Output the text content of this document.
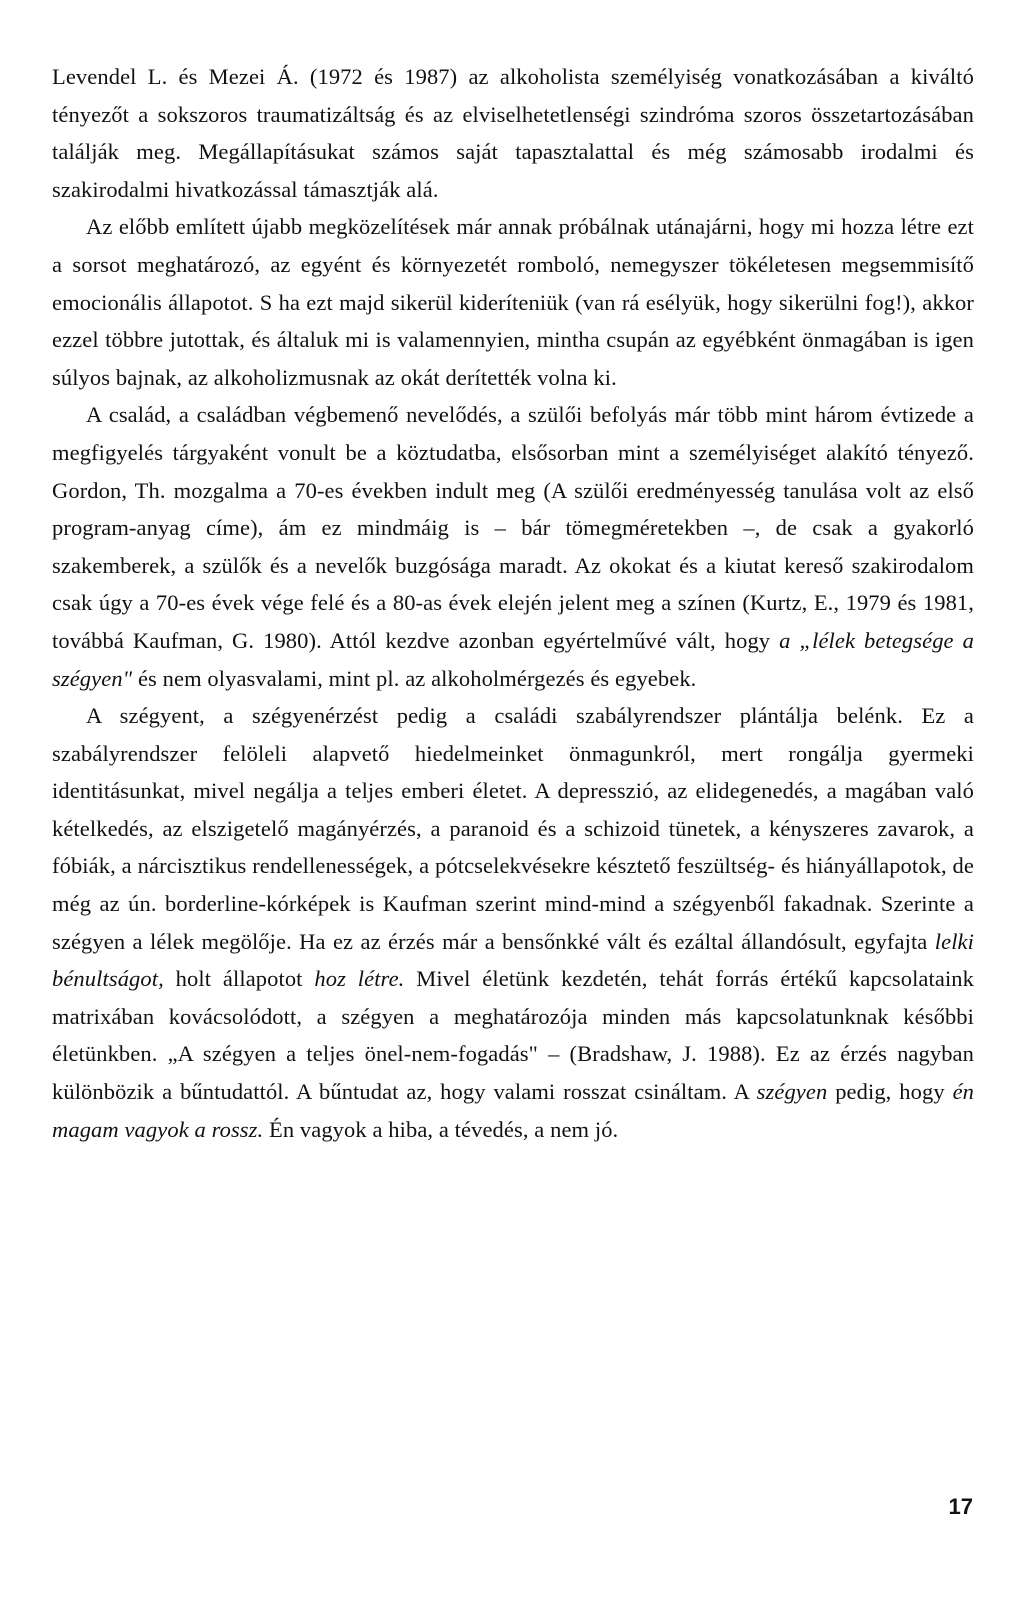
Levendel L. és Mezei Á. (1972 és 1987) az alkoholista személyiség vonatkozásában a kiváltó tényezőt a sokszoros traumatizáltság és az elviselhetetlenségi szindróma szoros összetartozásában találják meg. Megállapításukat számos saját tapasztalattal és még számosabb irodalmi és szakirodalmi hivatkozással támasztják alá.

Az előbb említett újabb megközelítések már annak próbálnak utánajárni, hogy mi hozza létre ezt a sorsot meghatározó, az egyént és környezetét romboló, nemegyszer tökéletesen megsemmisítő emocionális állapotot. S ha ezt majd sikerül kideríteniük (van rá esélyük, hogy sikerülni fog!), akkor ezzel többre jutottak, és általuk mi is valamennyien, mintha csupán az egyébként önmagában is igen súlyos bajnak, az alkoholizmusnak az okát derítették volna ki.

A család, a családban végbemenő nevelődés, a szülői befolyás már több mint három évtizede a megfigyelés tárgyaként vonult be a köztudatba, elsősorban mint a személyiséget alakító tényező. Gordon, Th. mozgalma a 70-es években indult meg (A szülői eredményesség tanulása volt az első program-anyag címe), ám ez mindmáig is – bár tömegméretekben –, de csak a gyakorló szakemberek, a szülők és a nevelők buzgósága maradt. Az okokat és a kiutat kereső szakirodalom csak úgy a 70-es évek vége felé és a 80-as évek elején jelent meg a színen (Kurtz, E., 1979 és 1981, továbbá Kaufman, G. 1980). Attól kezdve azonban egyértelművé vált, hogy a „lélek betegsége a szégyen" és nem olyasvalami, mint pl. az alkoholmérgezés és egyebek.

A szégyent, a szégyenérzést pedig a családi szabályrendszer plántálja belénk. Ez a szabályrendszer felöleli alapvető hiedelmeinket önmagunkról, mert rongálja gyermeki identitásunkat, mivel negálja a teljes emberi életet. A depresszió, az elidegenedés, a magában való kételkedés, az elszigetelő magányérzés, a paranoid és a schizoid tünetek, a kényszeres zavarok, a fóbiák, a nárcisztikus rendellenességek, a pótcselekvésekre késztető feszültség- és hiányállapotok, de még az ún. borderline-kórképek is Kaufman szerint mind-mind a szégyenből fakadnak. Szerinte a szégyen a lélek megölője. Ha ez az érzés már a bensőnkké vált és ezáltal állandósult, egyfajta lelki bénultságot, holt állapotot hoz létre. Mivel életünk kezdetén, tehát forrás értékű kapcsolataink matrixában kovácsolódott, a szégyen a meghatározója minden más kapcsolatunknak későbbi életünkben. „A szégyen a teljes önel-nem-fogadás" – (Bradshaw, J. 1988). Ez az érzés nagyban különbözik a bűntudattól. A bűntudat az, hogy valami rosszat csináltam. A szégyen pedig, hogy én magam vagyok a rossz. Én vagyok a hiba, a tévedés, a nem jó.

17
